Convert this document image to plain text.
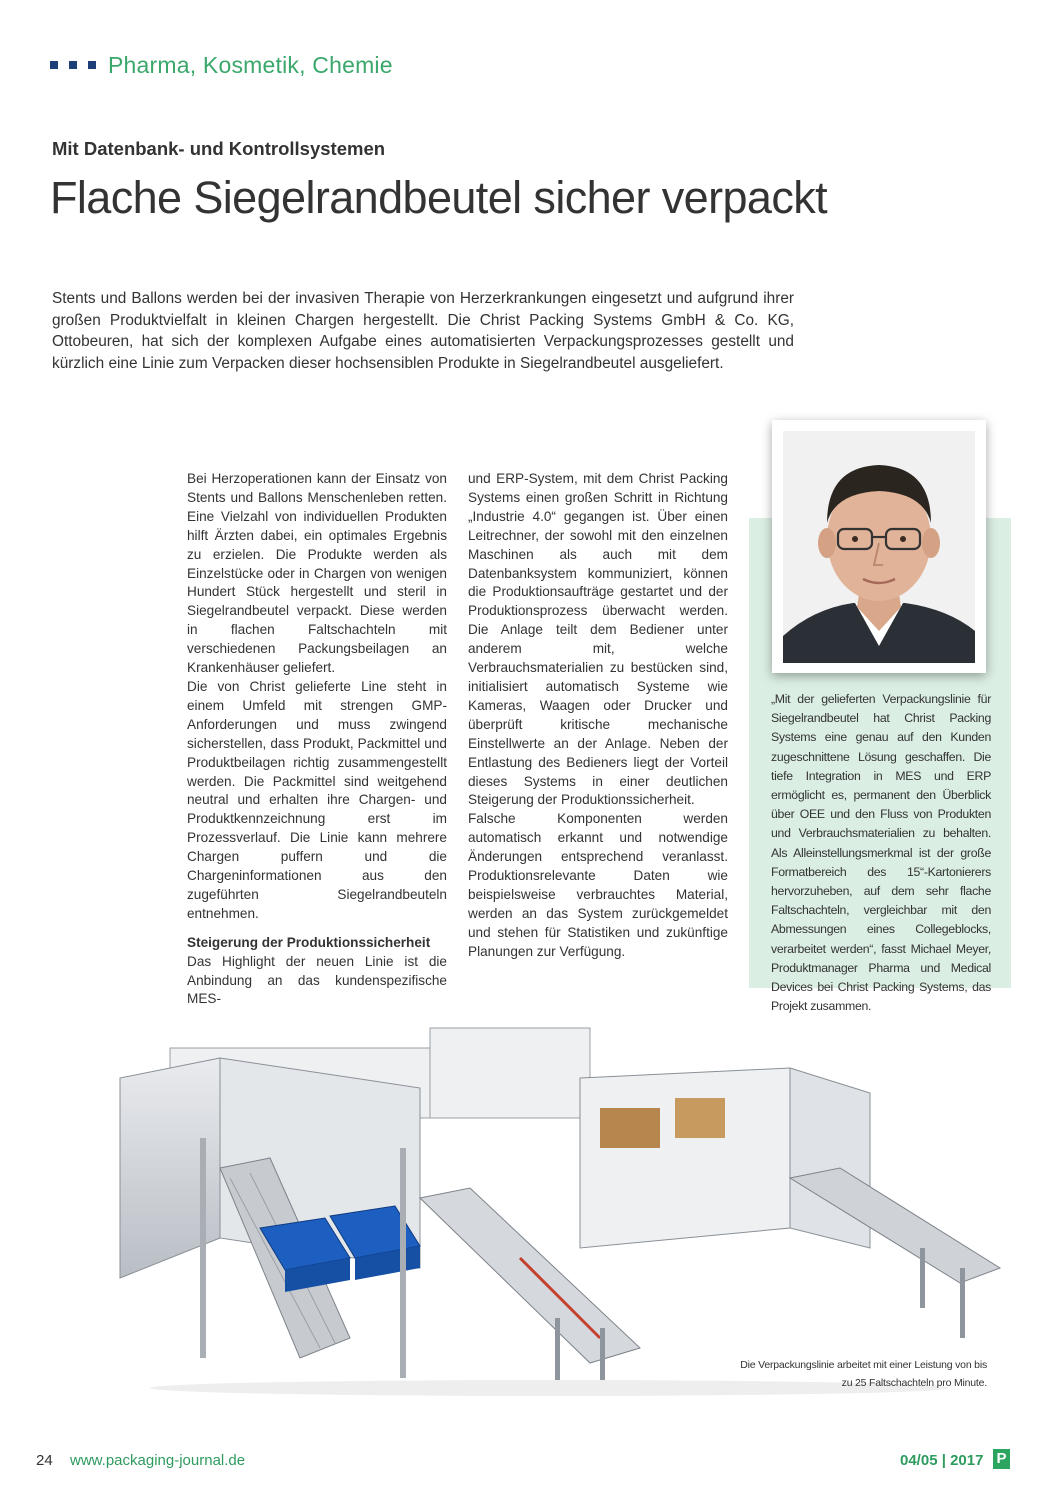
Pharma, Kosmetik, Chemie
Mit Datenbank- und Kontrollsystemen
Flache Siegelrandbeutel sicher verpackt
Stents und Ballons werden bei der invasiven Therapie von Herzerkrankungen eingesetzt und aufgrund ihrer großen Produktvielfalt in kleinen Chargen hergestellt. Die Christ Packing Systems GmbH & Co. KG, Ottobeuren, hat sich der komplexen Aufgabe eines automatisierten Verpackungsprozesses gestellt und kürzlich eine Linie zum Verpacken dieser hochsensiblen Produkte in Siegelrandbeutel ausgeliefert.

Bei Herzoperationen kann der Einsatz von Stents und Ballons Menschenleben retten. Eine Vielzahl von individuellen Produkten hilft Ärzten dabei, ein optimales Ergebnis zu erzielen. Die Produkte werden als Einzelstücke oder in Chargen von wenigen Hundert Stück hergestellt und steril in Siegelrandbeutel verpackt. Diese werden in flachen Faltschachteln mit verschiedenen Packungsbeilagen an Krankenhäuser geliefert.

Die von Christ gelieferte Line steht in einem Umfeld mit strengen GMP-Anforderungen und muss zwingend sicherstellen, dass Produkt, Packmittel und Produktbeilagen richtig zusammengestellt werden. Die Packmittel sind weitgehend neutral und erhalten ihre Chargen- und Produktkennzeichnung erst im Prozessverlauf. Die Linie kann mehrere Chargen puffern und die Chargeninformationen aus den zugeführten Siegelrandbeuteln entnehmen.

Steigerung der Produktionssicherheit

Das Highlight der neuen Linie ist die Anbindung an das kundenspezifische MES-

und ERP-System, mit dem Christ Packing Systems einen großen Schritt in Richtung „Industrie 4.0“ gegangen ist. Über einen Leitrechner, der sowohl mit den einzelnen Maschinen als auch mit dem Datenbanksystem kommuniziert, können die Produktionsaufträge gestartet und der Produktionsprozess überwacht werden. Die Anlage teilt dem Bediener unter anderem mit, welche Verbrauchsmaterialien zu bestücken sind, initialisiert automatisch Systeme wie Kameras, Waagen oder Drucker und überprüft kritische mechanische Einstellwerte an der Anlage. Neben der Entlastung des Bedieners liegt der Vorteil dieses Systems in einer deutlichen Steigerung der Produktionssicherheit.

Falsche Komponenten werden automatisch erkannt und notwendige Änderungen entsprechend veranlasst. Produktionsrelevante Daten wie beispielsweise verbrauchtes Material, werden an das System zurückgemeldet und stehen für Statistiken und zukünftige Planungen zur Verfügung.

„Mit der gelieferten Verpackungslinie für Siegelrandbeutel hat Christ Packing Systems eine genau auf den Kunden zugeschnittene Lösung geschaffen. Die tiefe Integration in MES und ERP ermöglicht es, permanent den Überblick über OEE und den Fluss von Produkten und Verbrauchsmaterialien zu behalten. Als Alleinstellungsmerkmal ist der große Formatbereich des 15“-Kartonierers hervorzuheben, auf dem sehr flache Faltschachteln, vergleichbar mit den Abmessungen eines Collegeblocks, verarbeitet werden“, fasst Michael Meyer, Produktmanager Pharma und Medical Devices bei Christ Packing Systems, das Projekt zusammen.
Die Verpackungslinie arbeitet mit einer Leistung von bis zu 25 Faltschachteln pro Minute.
24 www.packaging-journal.de	04/05 | 2017 P
